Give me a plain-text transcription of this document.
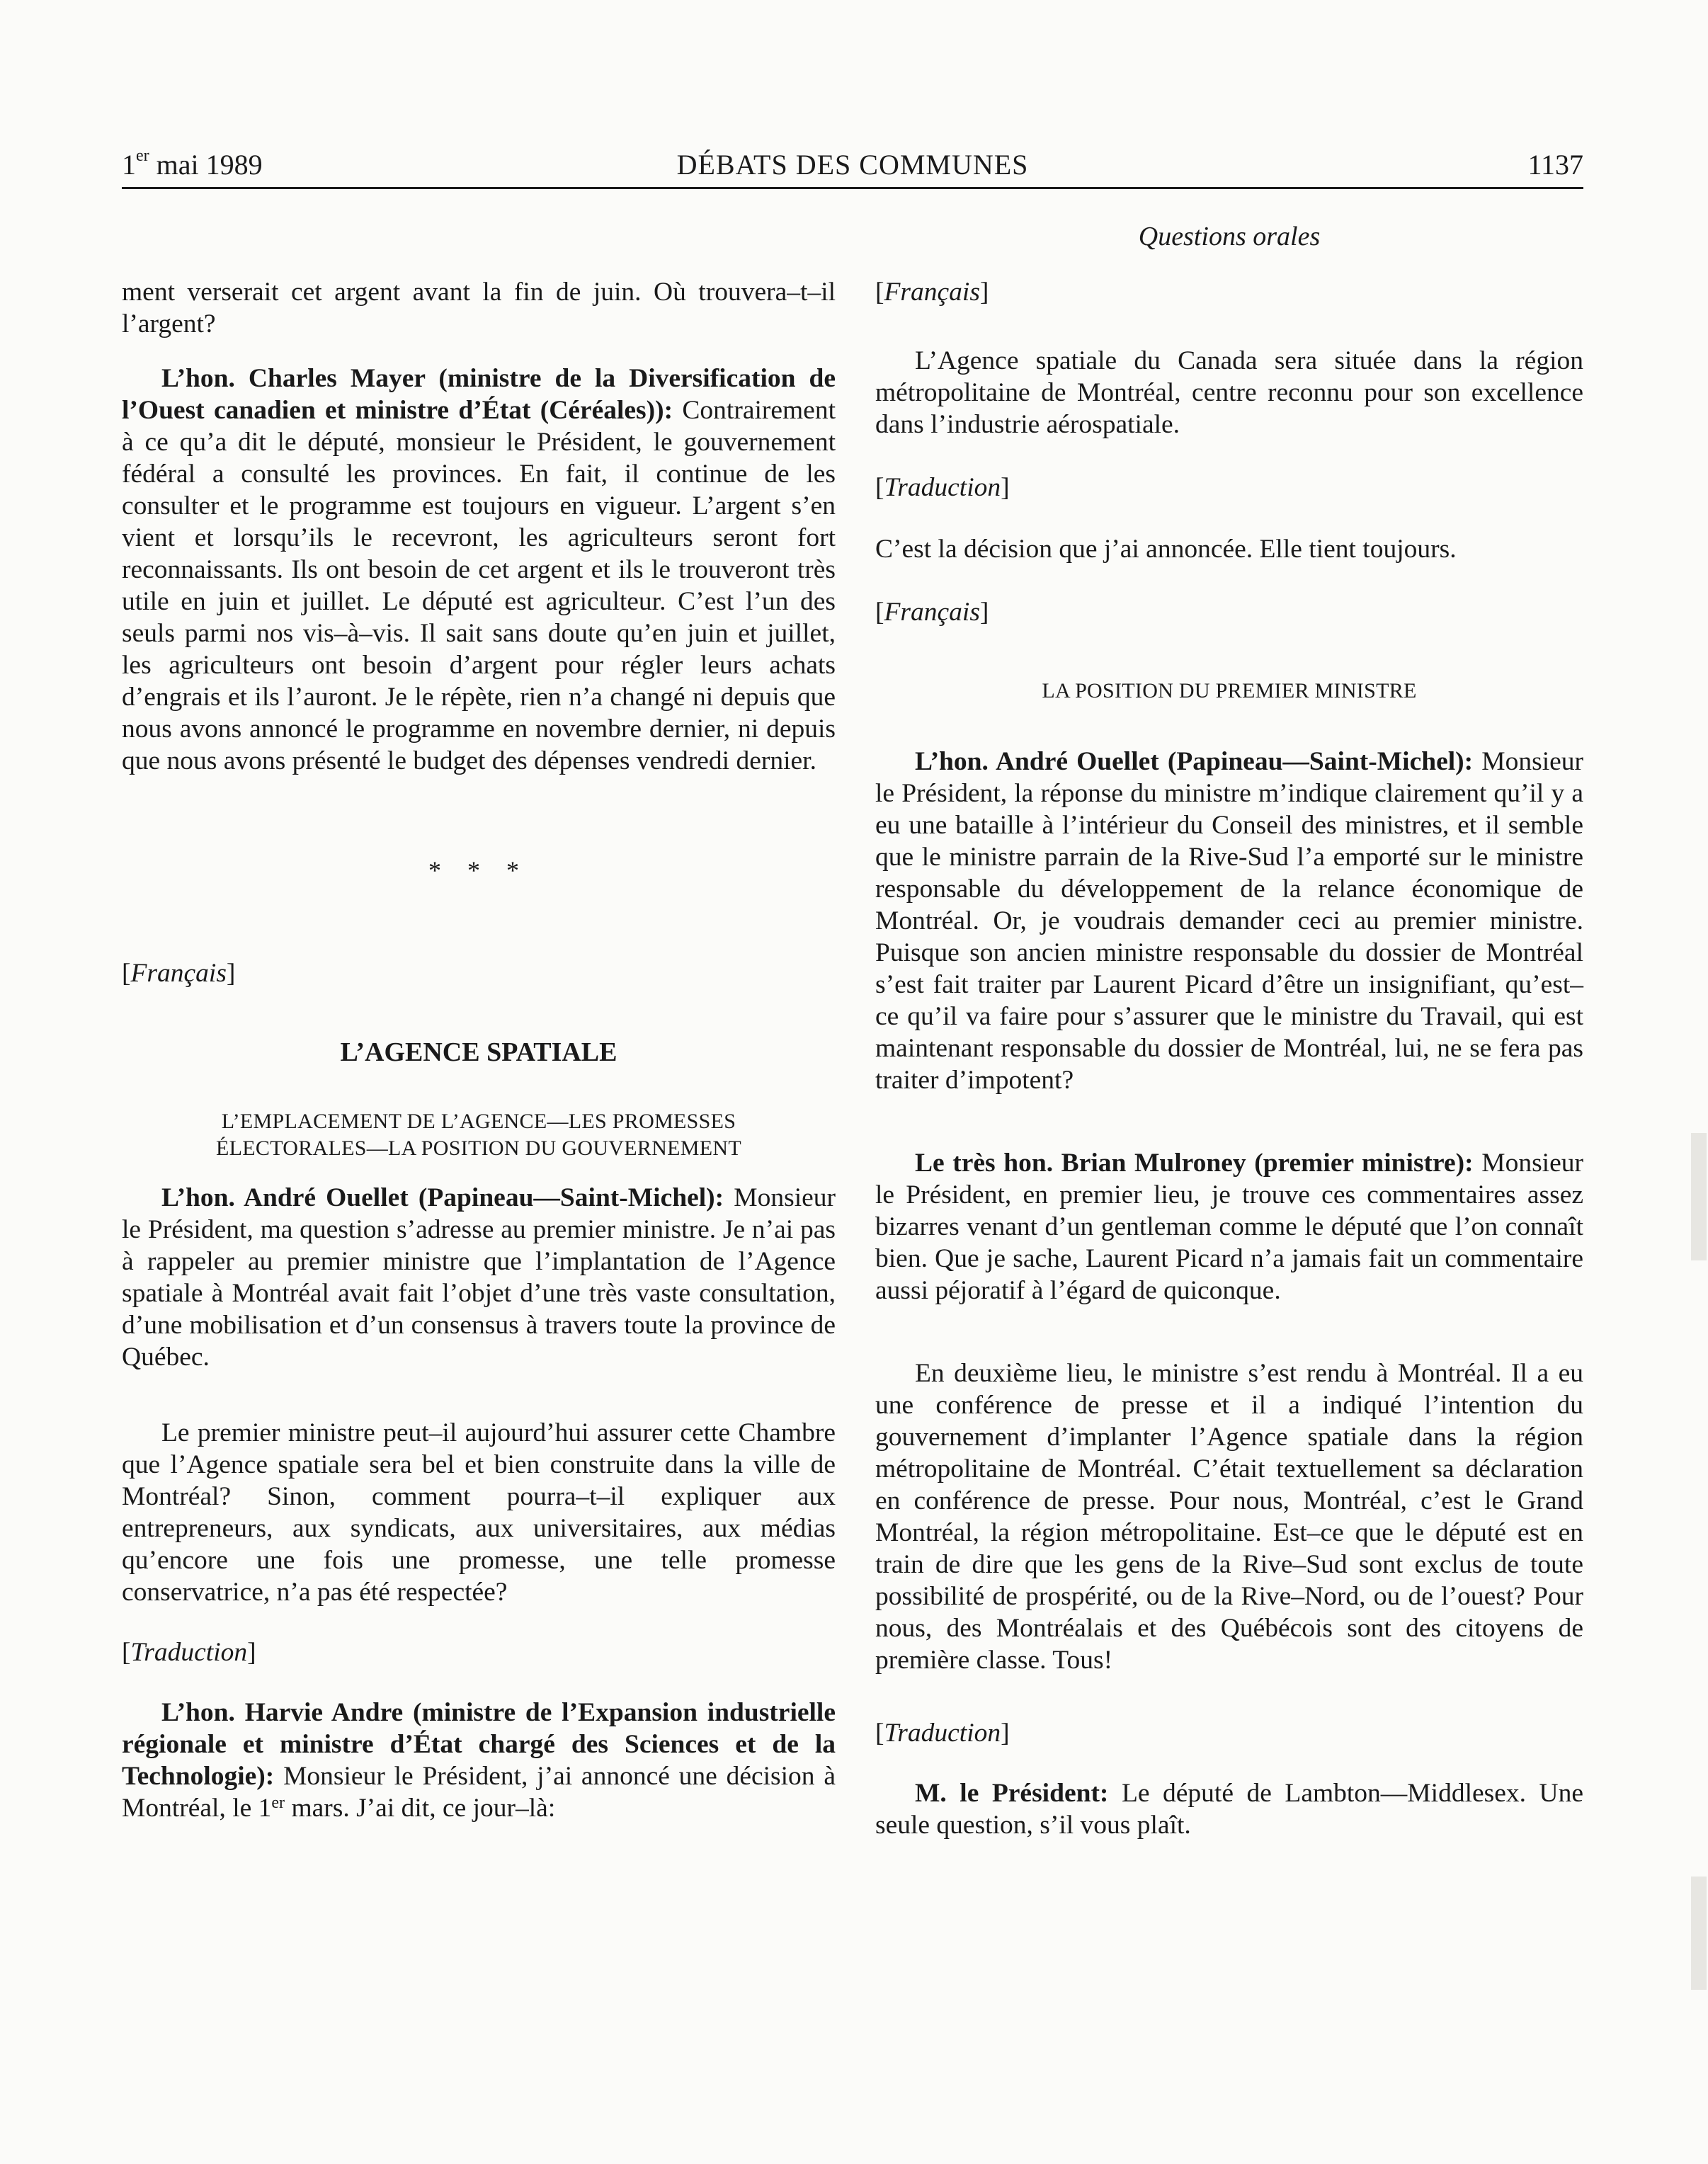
1er mai 1989	DÉBATS DES COMMUNES	1137
Questions orales

ment verserait cet argent avant la fin de juin. Où trouvera–t–il l’argent?

L’hon. Charles Mayer (ministre de la Diversification de l’Ouest canadien et ministre d’État (Céréales)): Contrairement à ce qu’a dit le député, monsieur le Président, le gouvernement fédéral a consulté les provinces. En fait, il continue de les consulter et le programme est toujours en vigueur. L’argent s’en vient et lorsqu’ils le recevront, les agriculteurs seront fort reconnaissants. Ils ont besoin de cet argent et ils le trouveront très utile en juin et juillet. Le député est agriculteur. C’est l’un des seuls parmi nos vis–à–vis. Il sait sans doute qu’en juin et juillet, les agriculteurs ont besoin d’argent pour régler leurs achats d’engrais et ils l’auront. Je le répète, rien n’a changé ni depuis que nous avons annoncé le programme en novembre dernier, ni depuis que nous avons présenté le budget des dépenses vendredi dernier.

* * *

[Français]

L’AGENCE SPATIALE

L’EMPLACEMENT DE L’AGENCE—LES PROMESSES ÉLECTORALES—LA POSITION DU GOUVERNEMENT

L’hon. André Ouellet (Papineau—Saint-Michel): Monsieur le Président, ma question s’adresse au premier ministre. Je n’ai pas à rappeler au premier ministre que l’implantation de l’Agence spatiale à Montréal avait fait l’objet d’une très vaste consultation, d’une mobilisation et d’un consensus à travers toute la province de Québec.

Le premier ministre peut–il aujourd’hui assurer cette Chambre que l’Agence spatiale sera bel et bien construite dans la ville de Montréal? Sinon, comment pourra–t–il expliquer aux entrepreneurs, aux syndicats, aux universitaires, aux médias qu’encore une fois une promesse, une telle promesse conservatrice, n’a pas été respectée?

[Traduction]

L’hon. Harvie Andre (ministre de l’Expansion industrielle régionale et ministre d’État chargé des Sciences et de la Technologie): Monsieur le Président, j’ai annoncé une décision à Montréal, le 1er mars. J’ai dit, ce jour–là:

[Français]

L’Agence spatiale du Canada sera située dans la région métropolitaine de Montréal, centre reconnu pour son excellence dans l’industrie aérospatiale.

[Traduction]

C’est la décision que j’ai annoncée. Elle tient toujours.

[Français]

LA POSITION DU PREMIER MINISTRE

L’hon. André Ouellet (Papineau—Saint-Michel): Monsieur le Président, la réponse du ministre m’indique clairement qu’il y a eu une bataille à l’intérieur du Conseil des ministres, et il semble que le ministre parrain de la Rive-Sud l’a emporté sur le ministre responsable du développement de la relance économique de Montréal. Or, je voudrais demander ceci au premier ministre. Puisque son ancien ministre responsable du dossier de Montréal s’est fait traiter par Laurent Picard d’être un insignifiant, qu’est–ce qu’il va faire pour s’assurer que le ministre du Travail, qui est maintenant responsable du dossier de Montréal, lui, ne se fera pas traiter d’impotent?

Le très hon. Brian Mulroney (premier ministre): Monsieur le Président, en premier lieu, je trouve ces commentaires assez bizarres venant d’un gentleman comme le député que l’on connaît bien. Que je sache, Laurent Picard n’a jamais fait un commentaire aussi péjoratif à l’égard de quiconque.

En deuxième lieu, le ministre s’est rendu à Montréal. Il a eu une conférence de presse et il a indiqué l’intention du gouvernement d’implanter l’Agence spatiale dans la région métropolitaine de Montréal. C’était textuellement sa déclaration en conférence de presse. Pour nous, Montréal, c’est le Grand Montréal, la région métropolitaine. Est–ce que le député est en train de dire que les gens de la Rive–Sud sont exclus de toute possibilité de prospérité, ou de la Rive–Nord, ou de l’ouest? Pour nous, des Montréalais et des Québécois sont des citoyens de première classe. Tous!

[Traduction]

M. le Président: Le député de Lambton—Middlesex. Une seule question, s’il vous plaît.
